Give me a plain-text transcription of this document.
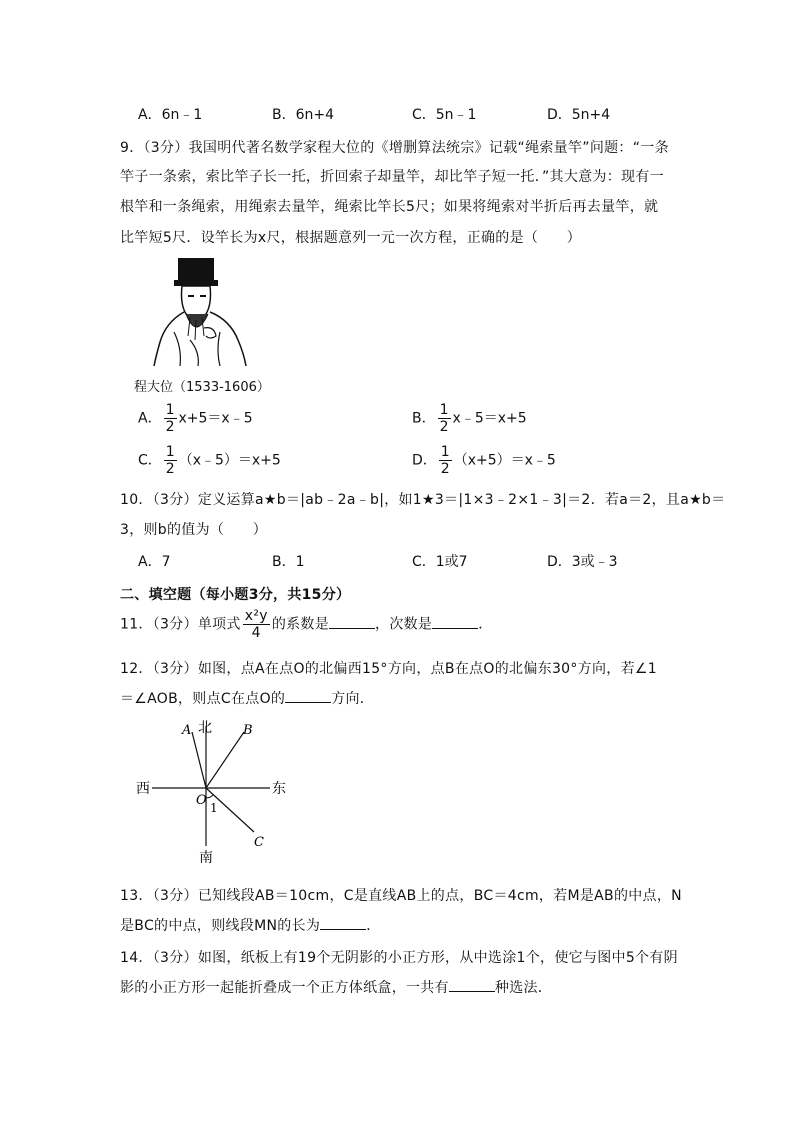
A．6n﹣1	B．6n+4	C．5n﹣1	D．5n+4
9．（3分）我国明代著名数学家程大位的《增删算法统宗》记载“绳索量竿”问题：“一条
竿子一条索，索比竿子长一托，折回索子却量竿，却比竿子短一托．”其大意为：现有一
根竿和一条绳索，用绳索去量竿，绳索比竿长5尺；如果将绳索对半折后再去量竿，就
比竿短5尺．设竿长为x尺，根据题意列一元一次方程，正确的是（　　）
程大位（1533-1606）
A． $\frac{1}{2}$ x+5＝x﹣5	B． $\frac{1}{2}$ x﹣5＝x+5
C． $\frac{1}{2}$ （x﹣5）＝x+5	D． $\frac{1}{2}$ （x+5）＝x﹣5
10．（3分）定义运算a★b＝|ab﹣2a﹣b|，如1★3＝|1×3﹣2×1﹣3|＝2．若a＝2，且a★b＝
3，则b的值为（　　）
A．7	B．1	C．1或7	D．3或﹣3
二、填空题（每小题3分，共15分）
11．（3分）单项式 $\frac{\text{x²y}}{4}$ 的系数是	，次数是	．
12．（3分）如图，点A在点O的北偏西15°方向，点B在点O的北偏东30°方向，若∠1
＝∠AOB，则点C在点O的	方向．
北
南
西	东
A	B
C
O 1
13．（3分）已知线段AB＝10cm，C是直线AB上的点，BC＝4cm，若M是AB的中点，N
是BC的中点，则线段MN的长为	．
14．（3分）如图，纸板上有19个无阴影的小正方形，从中选涂1个，使它与图中5个有阴
影的小正方形一起能折叠成一个正方体纸盒，一共有	种选法．
